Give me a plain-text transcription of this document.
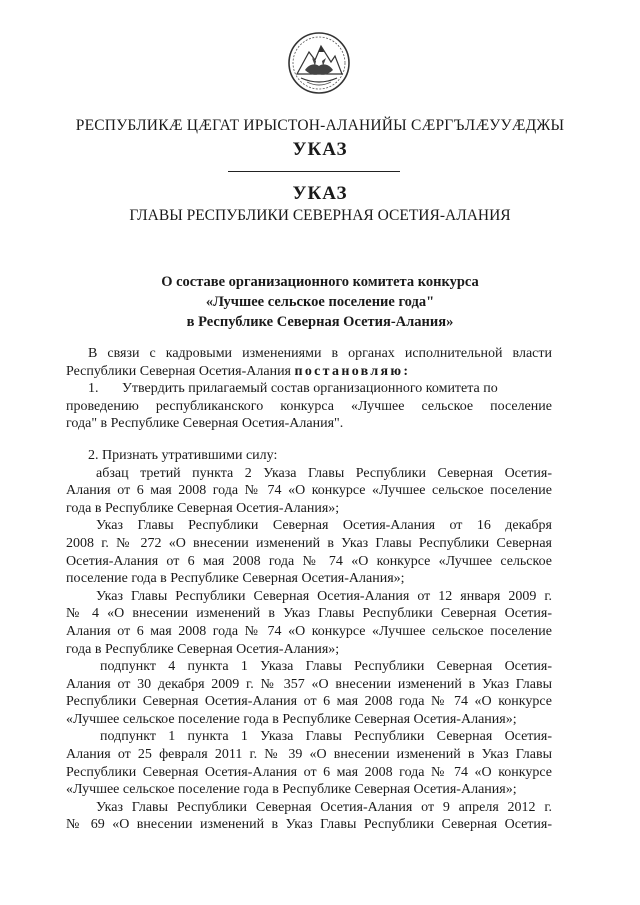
РЕСПУБЛИКӔ ЦӔГАТ ИРЫСТОН-АЛАНИЙЫ СӔРГЪЛӔУУӔДЖЫ
УКАЗ
УКАЗ
ГЛАВЫ РЕСПУБЛИКИ СЕВЕРНАЯ ОСЕТИЯ-АЛАНИЯ
О составе организационного комитета конкурса
«Лучшее сельское поселение года"
в Республике Северная Осетия-Алания»
В связи с кадровыми изменениями в органах исполнительной власти
Республики Северная Осетия-Алания постановляю:
1. Утвердить прилагаемый состав организационного комитета по
проведению республиканского конкурса «Лучшее сельское поселение
года" в Республике Северная Осетия-Алания".
2. Признать утратившими силу:
абзац третий пункта 2 Указа Главы Республики Северная Осетия-
Алания от 6 мая 2008 года № 74 «О конкурсе «Лучшее сельское поселение
года в Республике Северная Осетия-Алания»;
Указ Главы Республики Северная Осетия-Алания от 16 декабря
2008 г. № 272 «О внесении изменений в Указ Главы Республики Северная
Осетия-Алания от 6 мая 2008 года № 74 «О конкурсе «Лучшее сельское
поселение года в Республике Северная Осетия-Алания»;
Указ Главы Республики Северная Осетия-Алания от 12 января 2009 г.
№ 4 «О внесении изменений в Указ Главы Республики Северная Осетия-
Алания от 6 мая 2008 года № 74 «О конкурсе «Лучшее сельское поселение
года в Республике Северная Осетия-Алания»;
подпункт 4 пункта 1 Указа Главы Республики Северная Осетия-
Алания от 30 декабря 2009 г. № 357 «О внесении изменений в Указ Главы
Республики Северная Осетия-Алания от 6 мая 2008 года № 74 «О конкурсе
«Лучшее сельское поселение года в Республике Северная Осетия-Алания»;
подпункт 1 пункта 1 Указа Главы Республики Северная Осетия-
Алания от 25 февраля 2011 г. № 39 «О внесении изменений в Указ Главы
Республики Северная Осетия-Алания от 6 мая 2008 года № 74 «О конкурсе
«Лучшее сельское поселение года в Республике Северная Осетия-Алания»;
Указ Главы Республики Северная Осетия-Алания от 9 апреля 2012 г.
№ 69 «О внесении изменений в Указ Главы Республики Северная Осетия-
